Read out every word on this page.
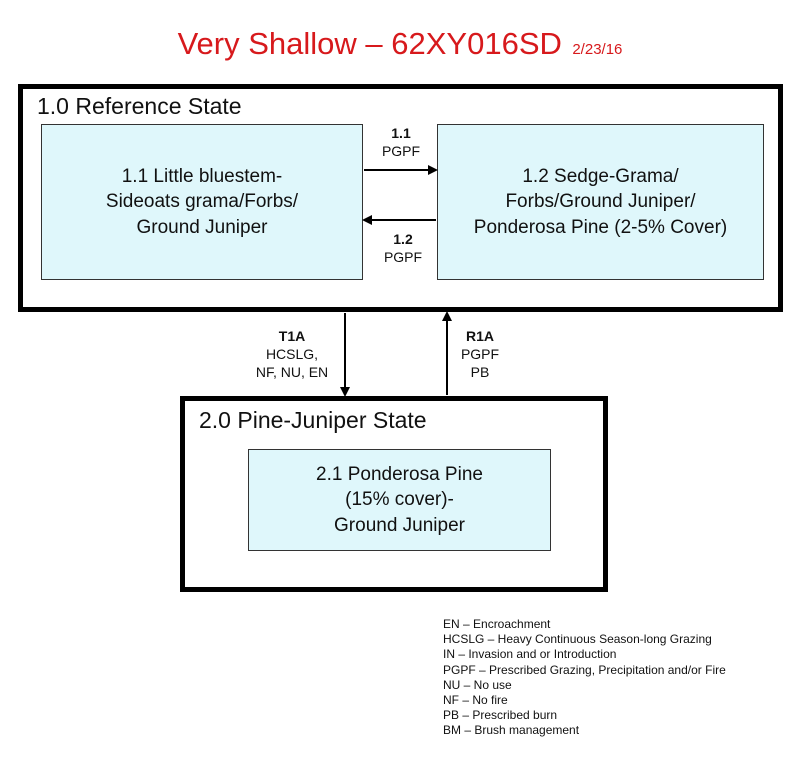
Very Shallow – 62XY016SD 2/23/16
1.0 Reference State
1.1 Little bluestem-
Sideoats grama/Forbs/
Ground Juniper
1.2 Sedge-Grama/
Forbs/Ground Juniper/
Ponderosa Pine (2-5% Cover)
2.0 Pine-Juniper State
2.1 Ponderosa Pine
(15% cover)-
Ground Juniper
1.1
PGPF
1.2
PGPF
T1A
HCSLG,
NF, NU, EN
R1A
PGPF
PB
EN – Encroachment
HCSLG – Heavy Continuous Season-long Grazing
IN – Invasion and or Introduction
PGPF – Prescribed Grazing, Precipitation and/or Fire
NU – No use
NF – No fire
PB – Prescribed burn
BM – Brush management
